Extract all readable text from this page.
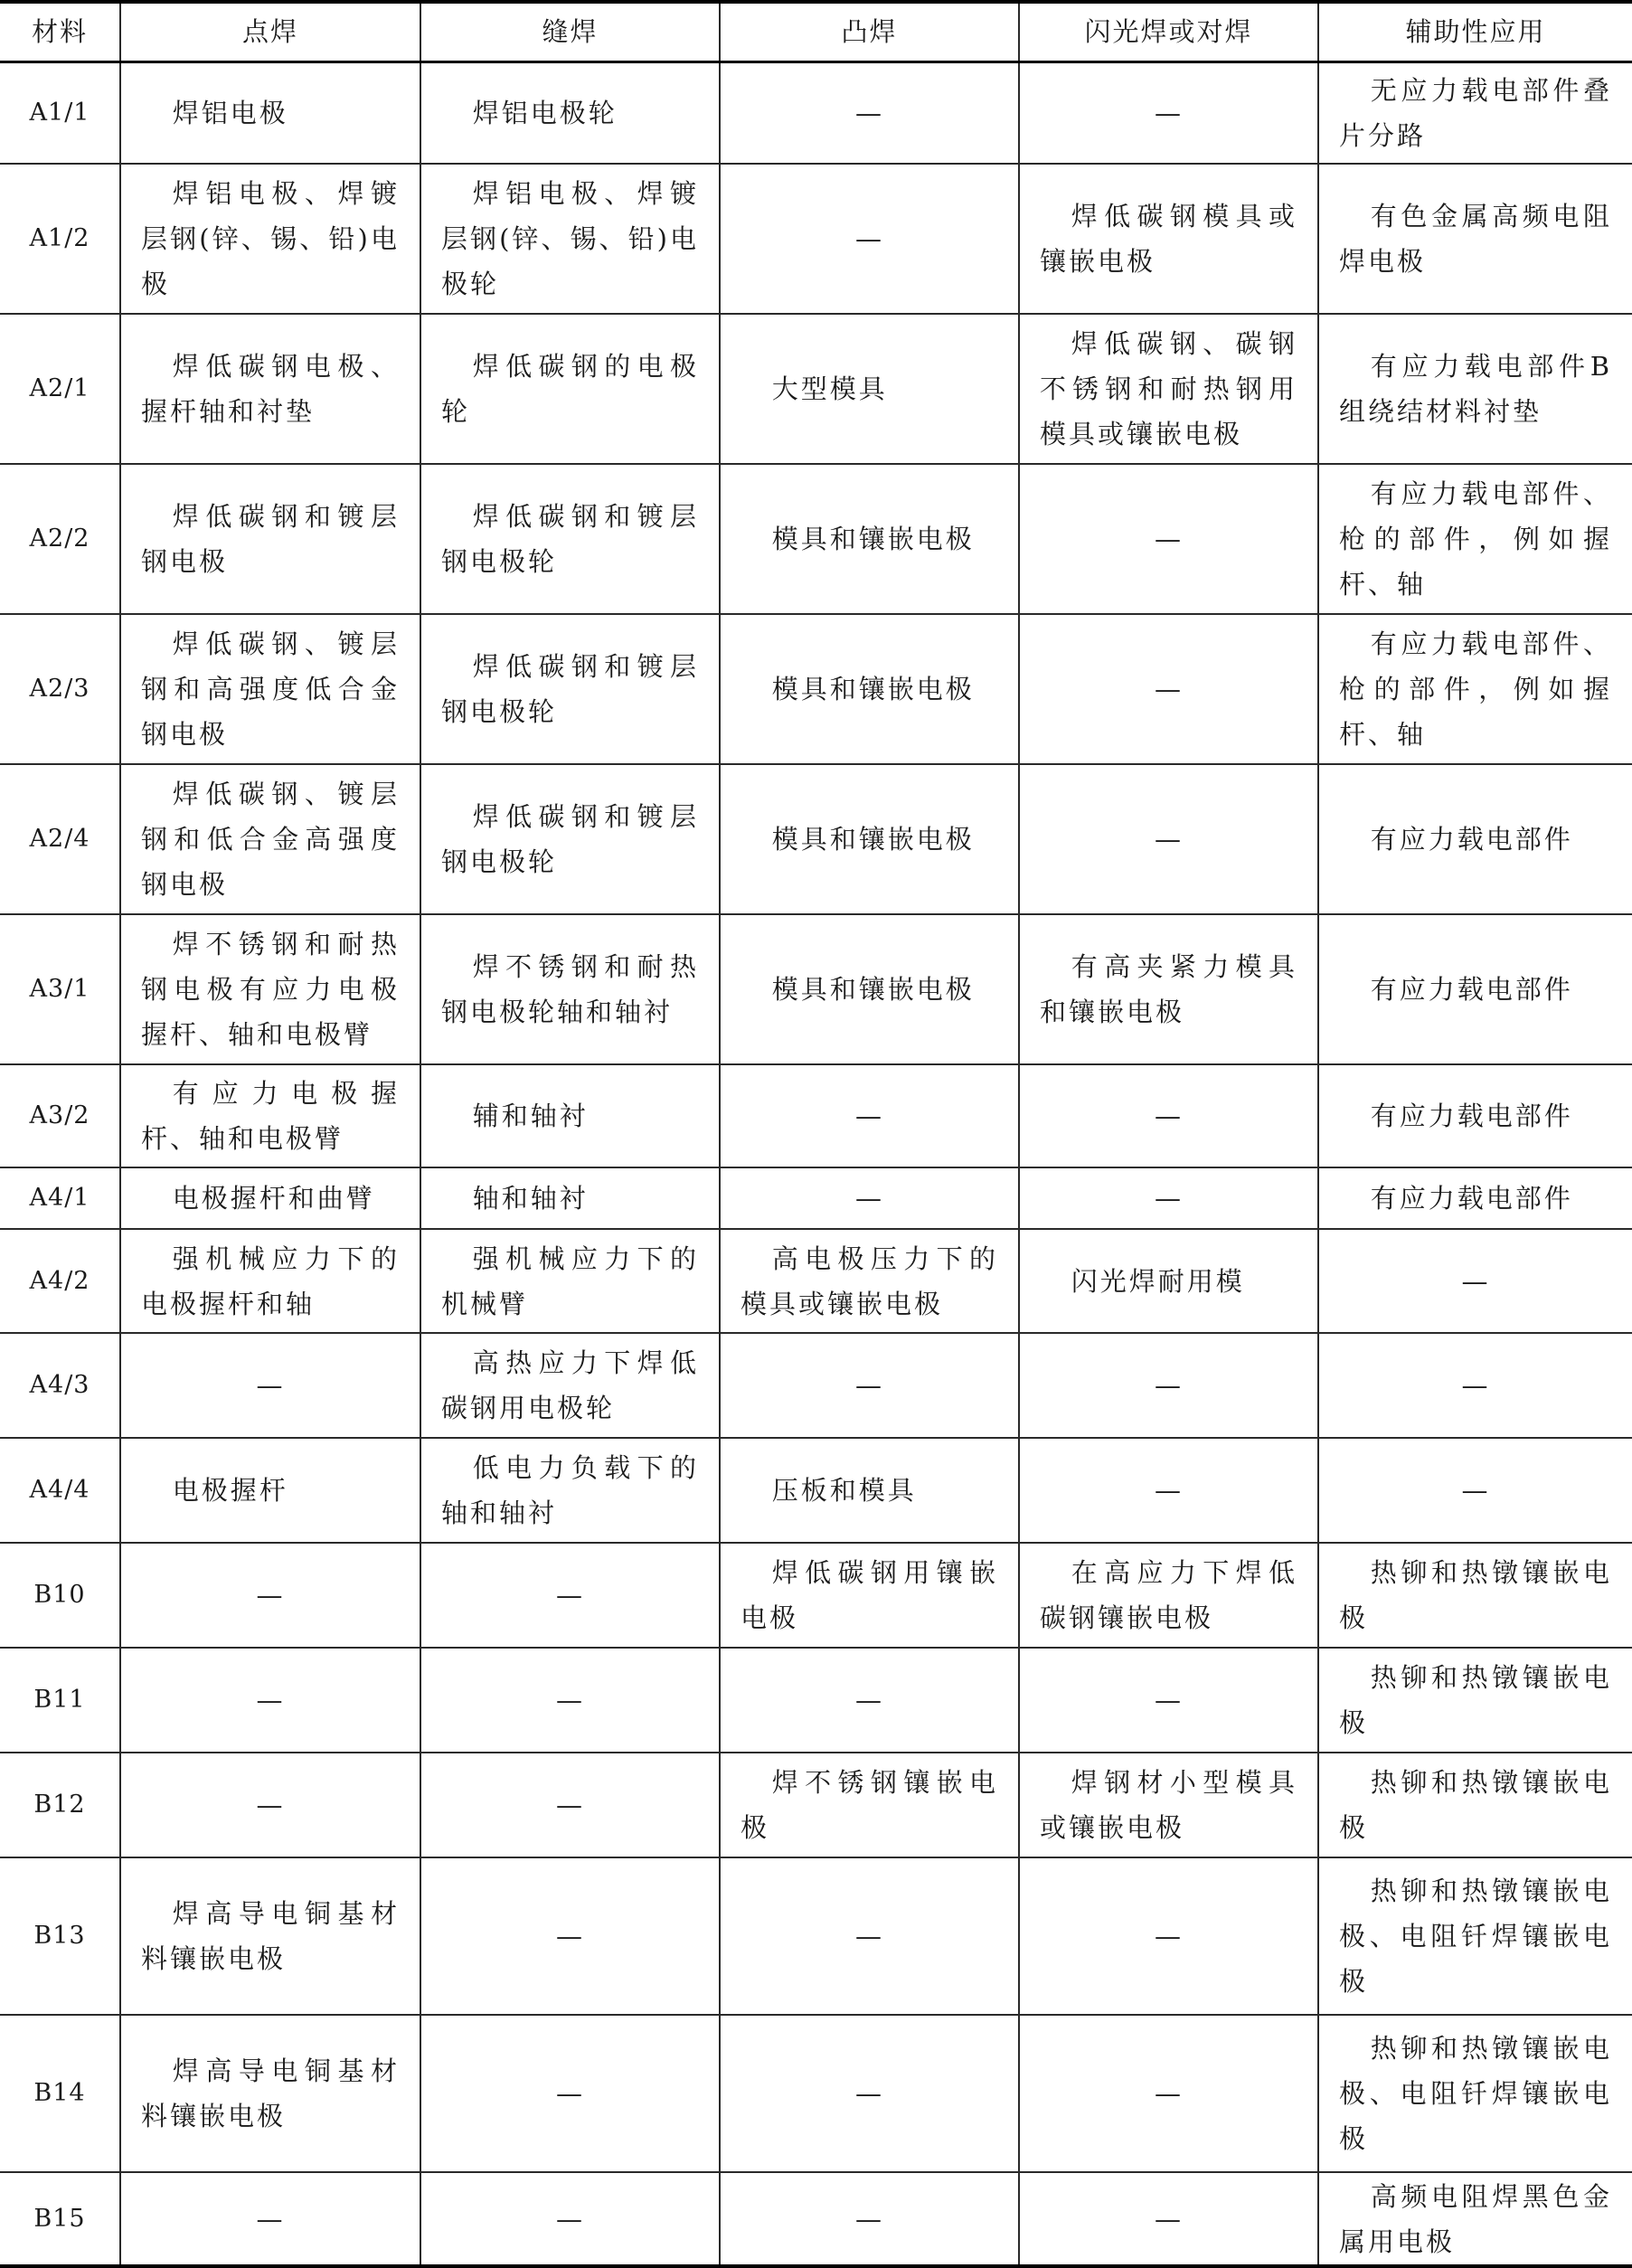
材料	点焊	缝焊	凸焊	闪光焊或对焊	辅助性应用
A1/1	焊铝电极	焊铝电极轮	—	—	无应力载电部件叠片分路

A1/2	焊铝电极、焊镀层钢(锌、锡、铅)电极	焊铝电极、焊镀层钢(锌、锡、铅)电极轮	—	焊低碳钢模具或镶嵌电极	有色金属高频电阻焊电极

A2/1	焊低碳钢电极、握杆轴和衬垫	焊低碳钢的电极轮	大型模具	焊低碳钢、碳钢不锈钢和耐热钢用模具或镶嵌电极	有应力载电部件B组绕结材料衬垫

A2/2	焊低碳钢和镀层钢电极	焊低碳钢和镀层钢电极轮	模具和镶嵌电极	—	有应力载电部件、枪的部件，例如握杆、轴

A2/3	焊低碳钢、镀层钢和高强度低合金钢电极	焊低碳钢和镀层钢电极轮	模具和镶嵌电极	—	有应力载电部件、枪的部件，例如握杆、轴

A2/4	焊低碳钢、镀层钢和低合金高强度钢电极	焊低碳钢和镀层钢电极轮	模具和镶嵌电极	—	有应力载电部件

A3/1	焊不锈钢和耐热钢电极有应力电极握杆、轴和电极臂	焊不锈钢和耐热钢电极轮轴和轴衬	模具和镶嵌电极	有高夹紧力模具和镶嵌电极	有应力载电部件

A3/2	有应力电极握杆、轴和电极臂	辅和轴衬	—	—	有应力载电部件

A4/1	电极握杆和曲臂	轴和轴衬	—	—	有应力载电部件

A4/2	强机械应力下的电极握杆和轴	强机械应力下的机械臂	高电极压力下的模具或镶嵌电极	闪光焊耐用模	—
A4/3	—	高热应力下焊低碳钢用电极轮	—	—	—
A4/4	电极握杆	低电力负载下的轴和轴衬	压板和模具	—	—
B10	—	—	焊低碳钢用镶嵌电极	在高应力下焊低碳钢镶嵌电极	热铆和热镦镶嵌电极

B11	—	—	—	—	热铆和热镦镶嵌电极

B12	—	—	焊不锈钢镶嵌电极	焊钢材小型模具或镶嵌电极	热铆和热镦镶嵌电极

B13	焊高导电铜基材料镶嵌电极	—	—	—	热铆和热镦镶嵌电极、电阻钎焊镶嵌电极

B14	焊高导电铜基材料镶嵌电极	—	—	—	热铆和热镦镶嵌电极、电阻钎焊镶嵌电极

B15	—	—	—	—	高频电阻焊黑色金属用电极
